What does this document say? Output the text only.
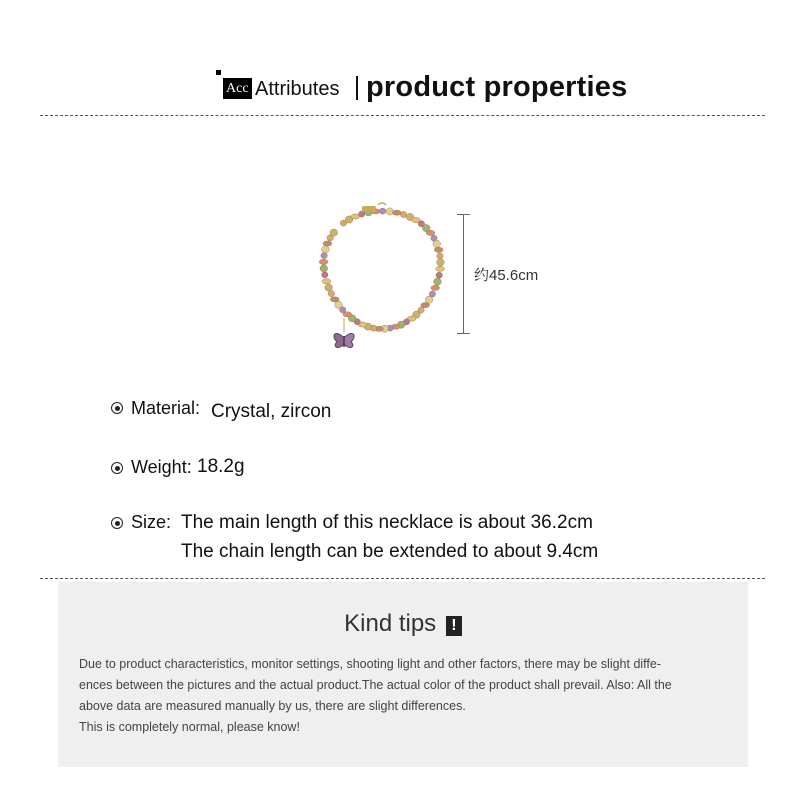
Acc Attributes product properties
约45.6cm
Material: Crystal, zircon
Weight: 18.2g
Size: The main length of this necklace is about 36.2cm
The chain length can be extended to about 9.4cm
Kind tips !

Due to product characteristics, monitor settings, shooting light and other factors, there may be slight diffe-

ences between the pictures and the actual product.The actual color of the product shall prevail. Also: All the

above data are measured manually by us, there are slight differences.

This is completely normal, please know!
